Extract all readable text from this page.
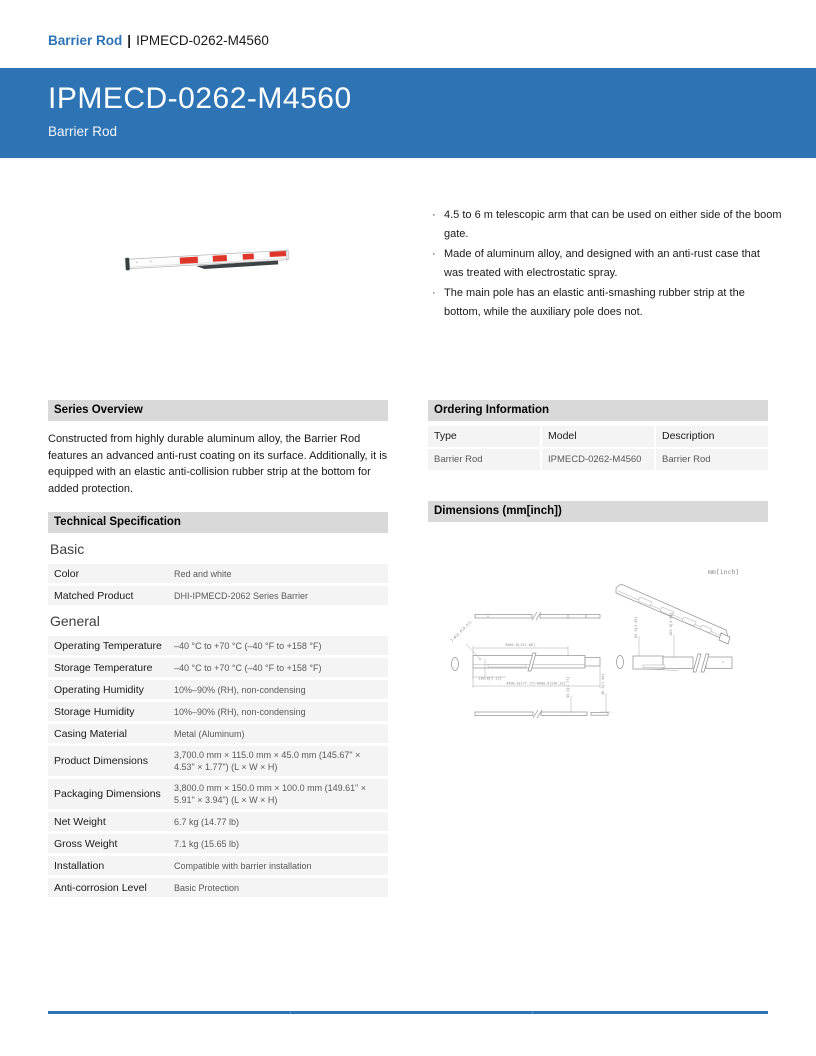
Barrier Rod | IPMECD-0262-M4560
IPMECD-0262-M4560
Barrier Rod
· 4.5 to 6 m telescopic arm that can be used on either side of the boom gate.
· Made of aluminum alloy, and designed with an anti-rust case that was treated with electrostatic spray.
· The main pole has an elastic anti-smashing rubber strip at the bottom, while the auxiliary pole does not.
Series Overview

Constructed from highly durable aluminum alloy, the Barrier Rod features an advanced anti-rust coating on its surface. Additionally, it is equipped with an elastic anti-collision rubber strip at the bottom for added protection.

Technical Specification
Basic
Color	Red and white
Matched Product	DHI-IPMECD-2062 Series Barrier
General
Operating Temperature	–40 °C to +70 °C (–40 °F to +158 °F)
Storage Temperature	–40 °C to +70 °C (–40 °F to +158 °F)
Operating Humidity	10%–90% (RH), non-condensing
Storage Humidity	10%–90% (RH), non-condensing
Casing Material	Metal (Aluminum)
Product Dimensions	3,700.0 mm × 115.0 mm × 45.0 mm (145.67" × 4.53" × 1.77") (L × W × H)
Packaging Dimensions	3,800.0 mm × 150.0 mm × 100.0 mm (149.61" × 5.91" × 3.94") (L × W × H)
Net Weight	6.7 kg (14.77 lb)
Gross Weight	7.1 kg (15.65 lb)
Installation	Compatible with barrier installation
Anti-corrosion Level	Basic Protection
Ordering Information
Type	Model	Description
Barrier Rod	IPMECD-0262-M4560	Barrier Rod
Dimensions (mm[inch])
mm[inch]
3500.0[137.80]
2-Φ13.0[0.51]
130.0[5.12]
4500.0[177.17]~6000.0[236.22]
85.0[3.35]	100.0[3.94]
45.0[1.77]	36.5[1.44]
